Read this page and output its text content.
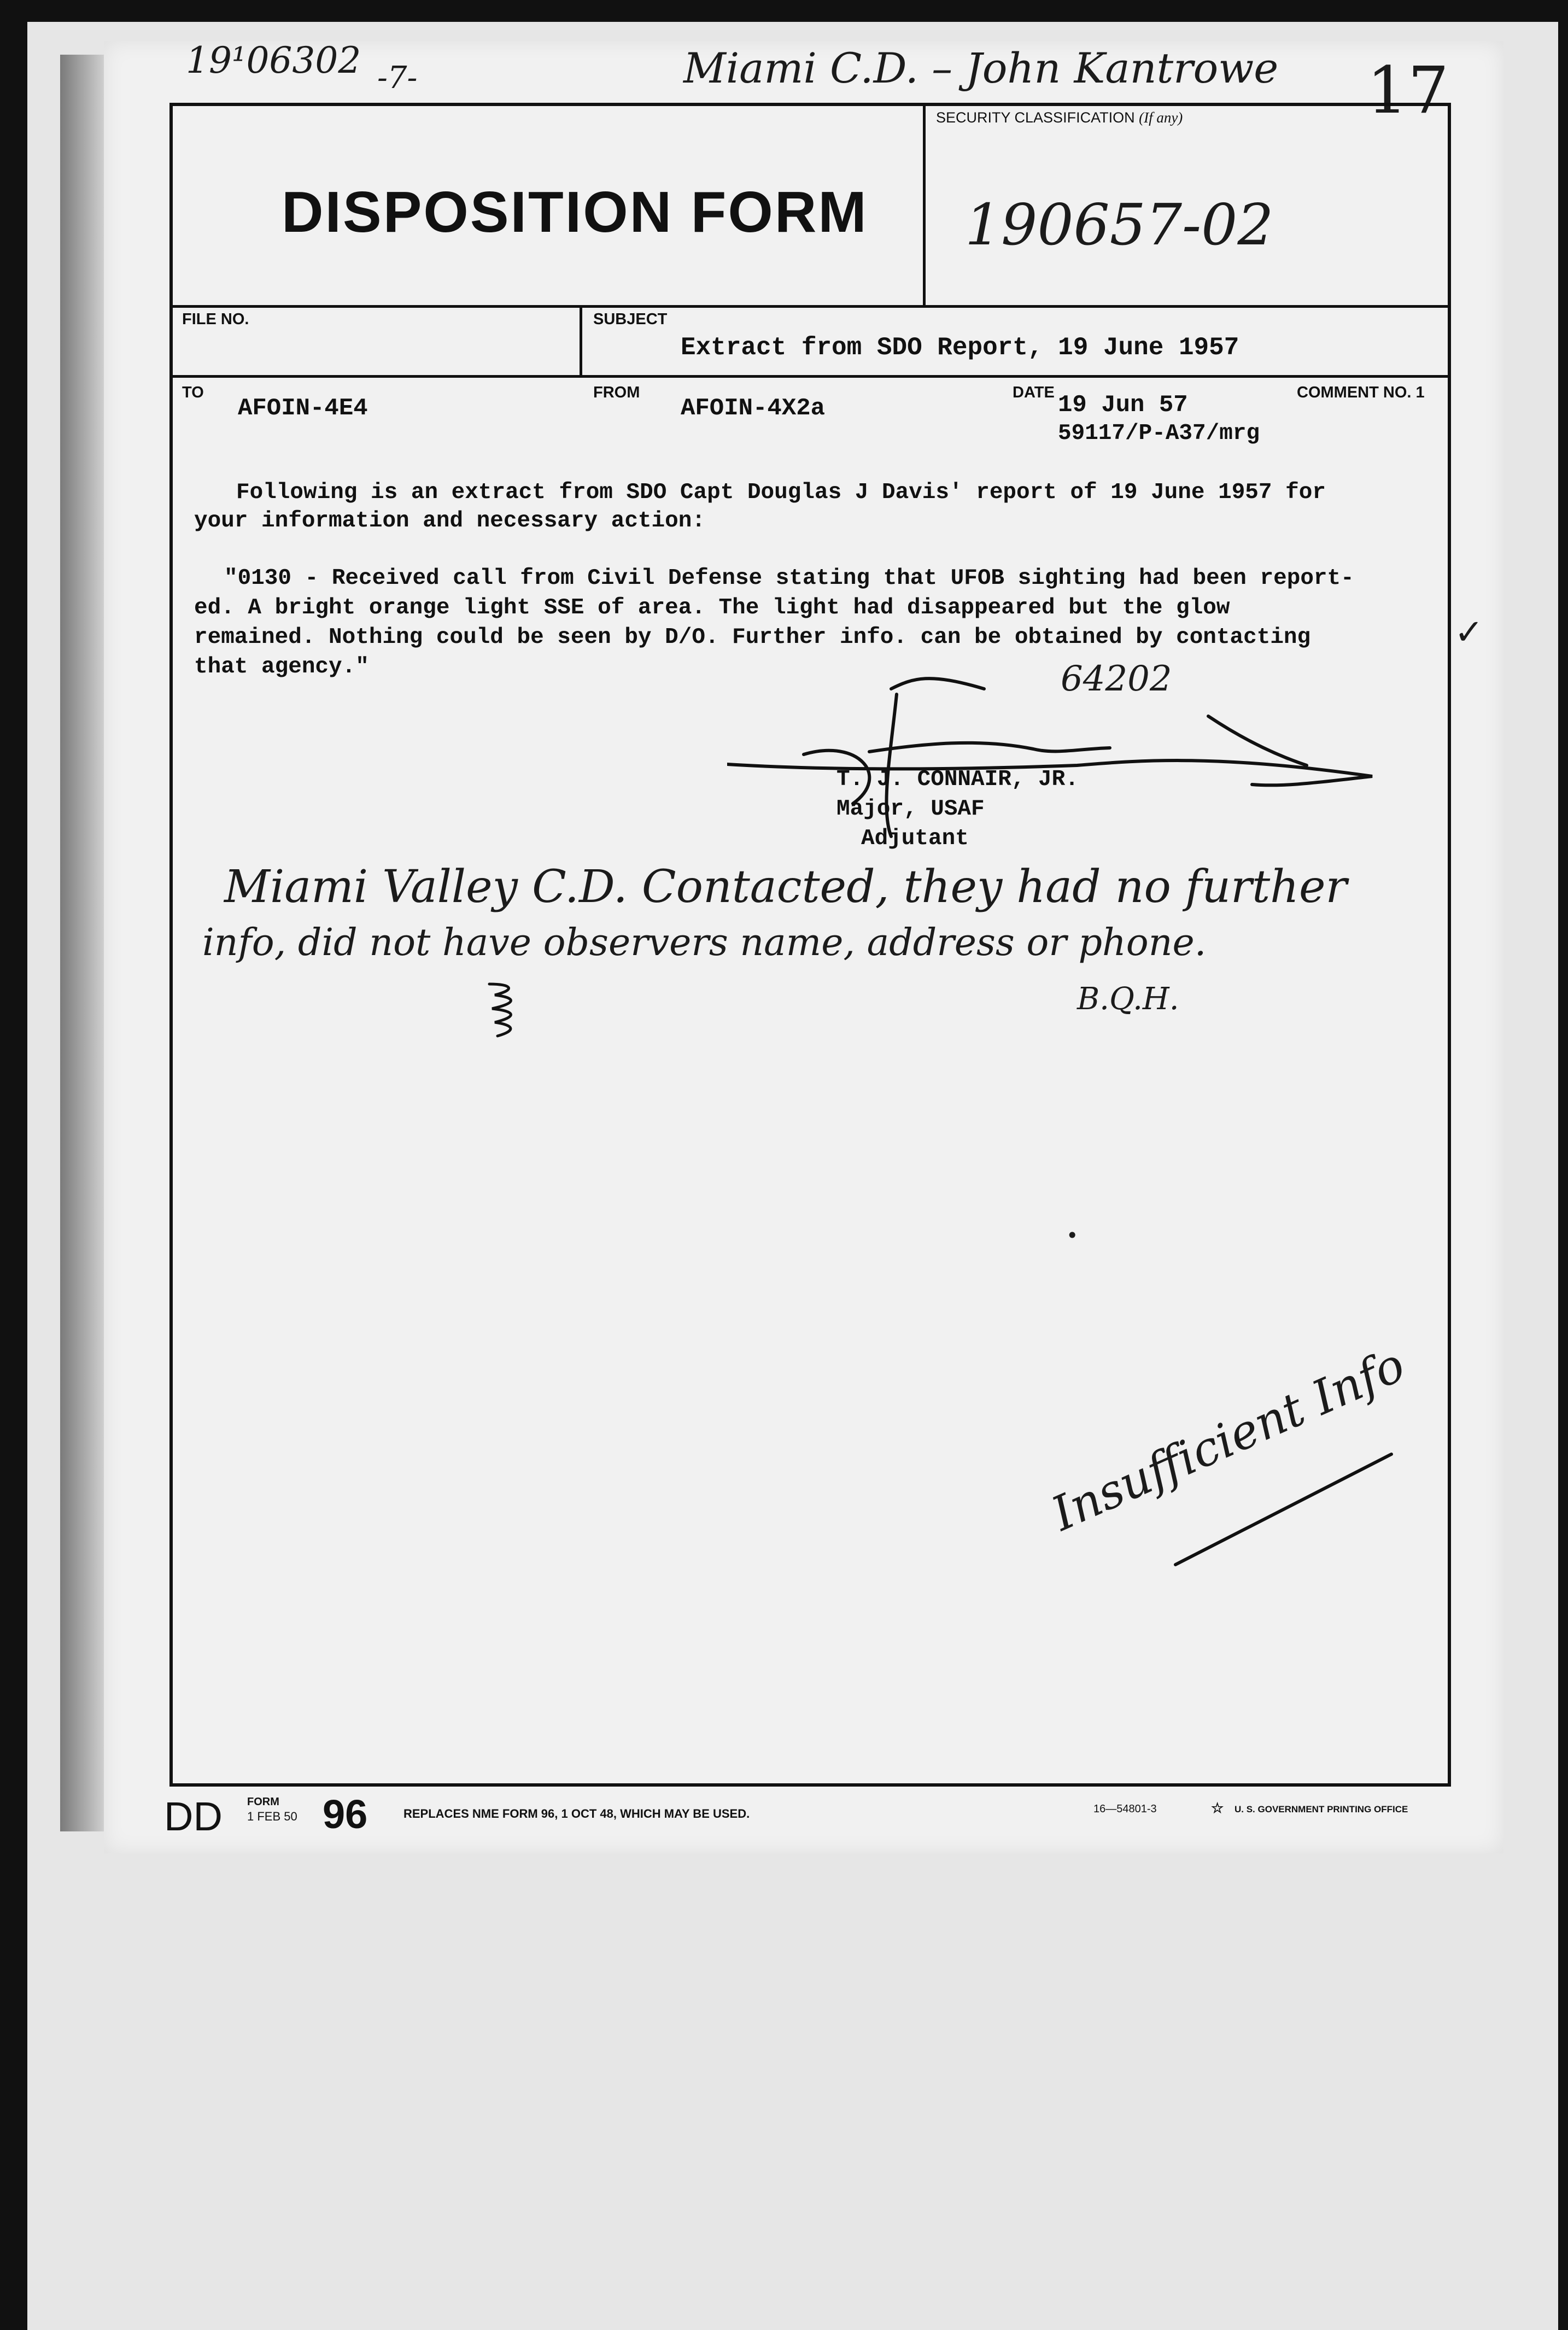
19¹06302 -7-	Miami C.D. – John Kantrowe 17
DISPOSITION FORM
SECURITY CLASSIFICATION (If any)
190657-02
FILE NO.	SUBJECT
Extract from SDO Report, 19 June 1957
TO
AFOIN-4E4
FROM
AFOIN-4X2a
DATE 19 Jun 57
59117/P-A37/mrg
COMMENT NO. 1
Following is an extract from SDO Capt Douglas J Davis' report of 19 June 1957 for
your information and necessary action:
"0130 - Received call from Civil Defense stating that UFOB sighting had been report-
ed. A bright orange light SSE of area. The light had disappeared but the glow
remained. Nothing could be seen by D/O. Further info. can be obtained by contacting
that agency."
✓
64202
T. J. CONNAIR, JR.
Major, USAF
Adjutant
Miami Valley C.D. Contacted, they had no further
info, did not have observers name, address or phone.
B.Q.H.
•
Insufficient Info
DD FORM
1 FEB 50 96	REPLACES NME FORM 96, 1 OCT 48, WHICH MAY BE USED.	16—54801-3	☆ U. S. GOVERNMENT PRINTING OFFICE
